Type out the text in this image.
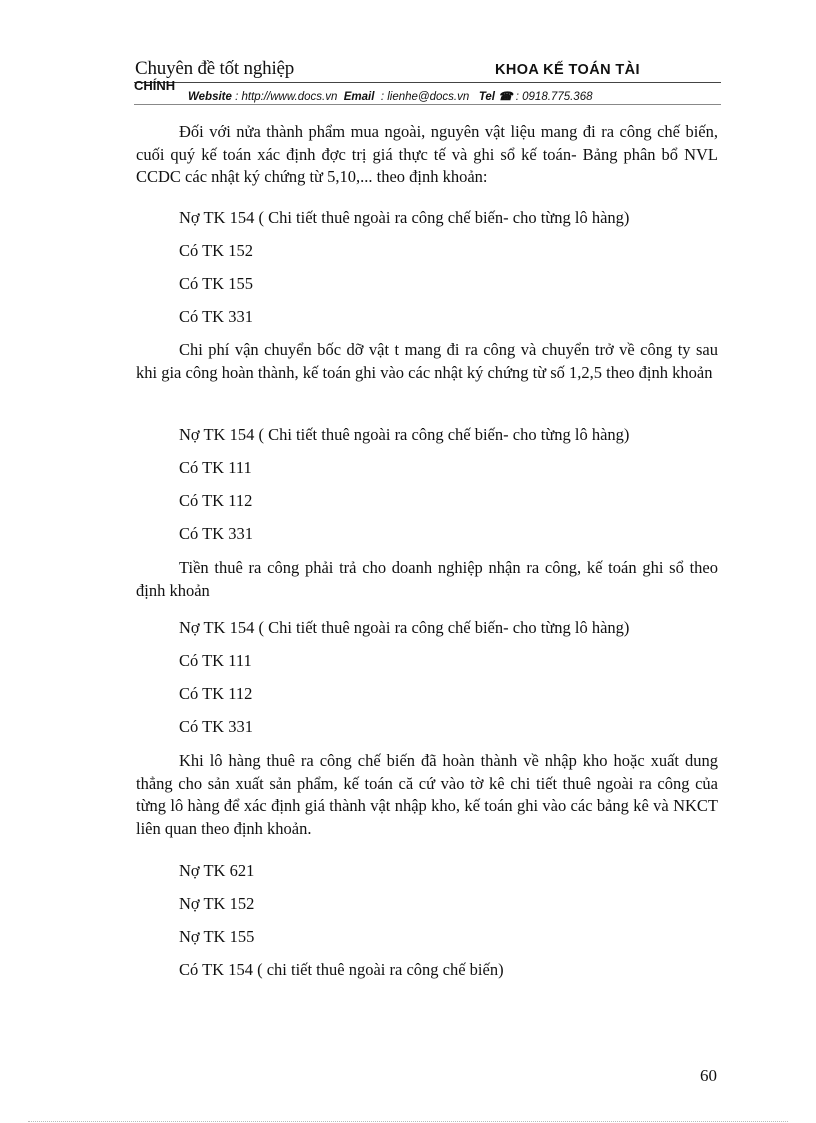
Chuyên đề tốt nghiệp	KHOA KẾ TOÁN TÀI
CHÍNH
Website : http://www.docs.vn Email : lienhe@docs.vn Tel ☎ : 0918.775.368

Đối với nửa thành phẩm mua ngoài, nguyên vật liệu mang đi ra công chế biến, cuối quý kế toán xác định đợc trị giá thực tế và ghi sổ kế toán- Bảng phân bổ NVL CCDC các nhật ký chứng từ 5,10,... theo định khoản:

Nợ TK 154 ( Chi tiết thuê ngoài ra công chế biến- cho từng lô hàng)

Có TK 152

Có TK 155

Có TK 331

Chi phí vận chuyển bốc dỡ vật t mang đi ra công và chuyển trở về công ty sau khi gia công hoàn thành, kế toán ghi vào các nhật ký chứng từ số 1,2,5 theo định khoản

Nợ TK 154 ( Chi tiết thuê ngoài ra công chế biến- cho từng lô hàng)

Có TK 111

Có TK 112

Có TK 331

Tiền thuê ra công phải trả cho doanh nghiệp nhận ra công, kế toán ghi sổ theo định khoản

Nợ TK 154 ( Chi tiết thuê ngoài ra công chế biến- cho từng lô hàng)

Có TK 111

Có TK 112

Có TK 331

Khi lô hàng thuê ra công chế biến đã hoàn thành về nhập kho hoặc xuất dung thẳng cho sản xuất sản phẩm, kế toán că cứ vào tờ kê chi tiết thuê ngoài ra công của từng lô hàng để xác định giá thành vật nhập kho, kế toán ghi vào các bảng kê và NKCT liên quan theo định khoản.

Nợ TK 621

Nợ TK 152

Nợ TK 155

Có TK 154 ( chi tiết thuê ngoài ra công chế biến)

60
